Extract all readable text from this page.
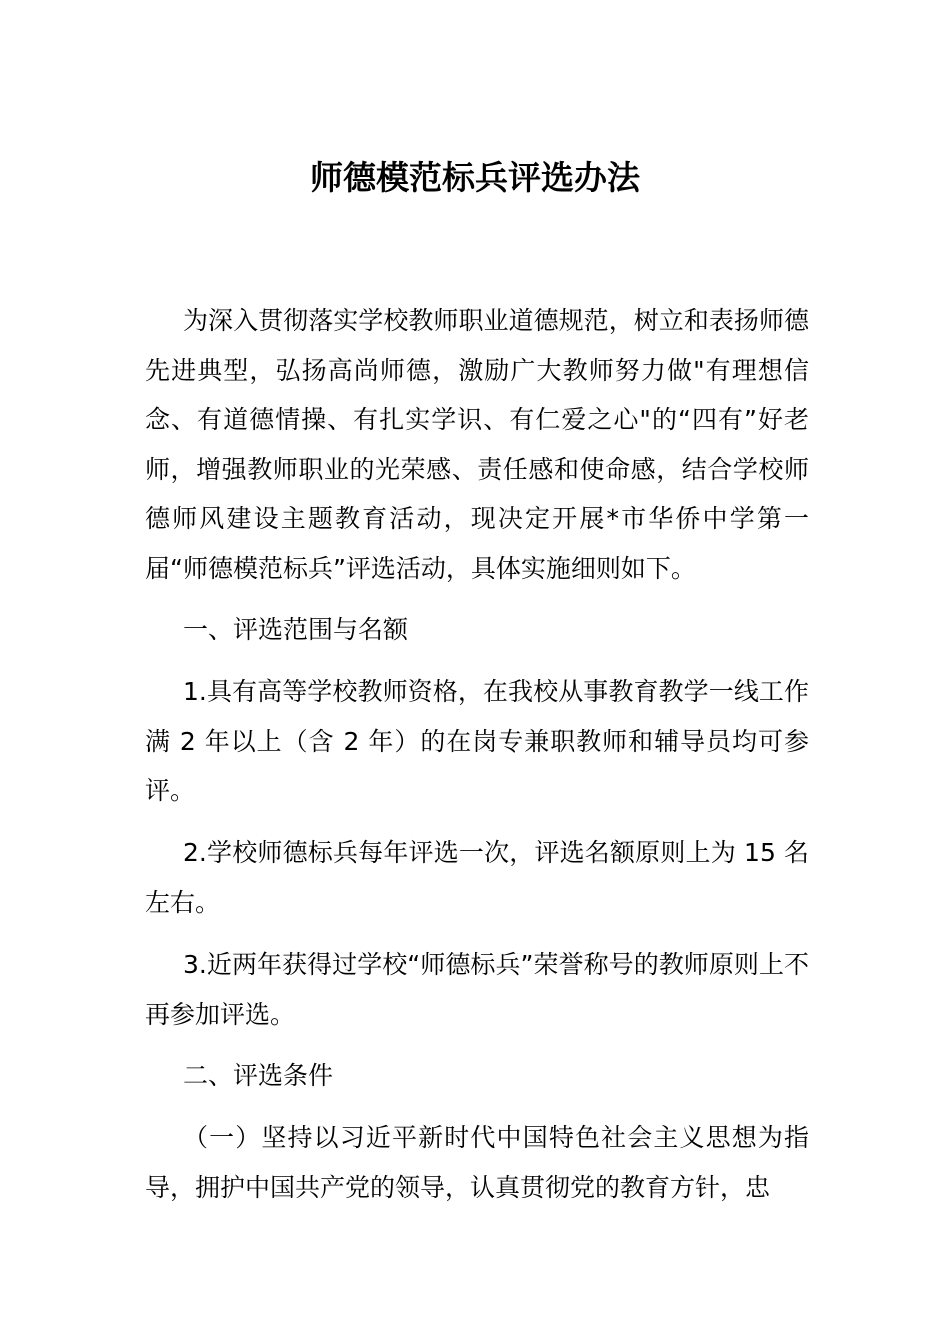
师德模范标兵评选办法

为深入贯彻落实学校教师职业道德规范，树立和表扬师德先进典型，弘扬高尚师德，激励广大教师努力做"有理想信念、有道德情操、有扎实学识、有仁爱之心"的“四有”好老师，增强教师职业的光荣感、责任感和使命感，结合学校师德师风建设主题教育活动，现决定开展*市华侨中学第一届“师德模范标兵”评选活动，具体实施细则如下。

一、评选范围与名额

1.具有高等学校教师资格，在我校从事教育教学一线工作满 2 年以上（含 2 年）的在岗专兼职教师和辅导员均可参评。

2.学校师德标兵每年评选一次，评选名额原则上为 15 名左右。

3.近两年获得过学校“师德标兵”荣誉称号的教师原则上不再参加评选。

二、评选条件

（一）坚持以习近平新时代中国特色社会主义思想为指导，拥护中国共产党的领导，认真贯彻党的教育方针，忠
